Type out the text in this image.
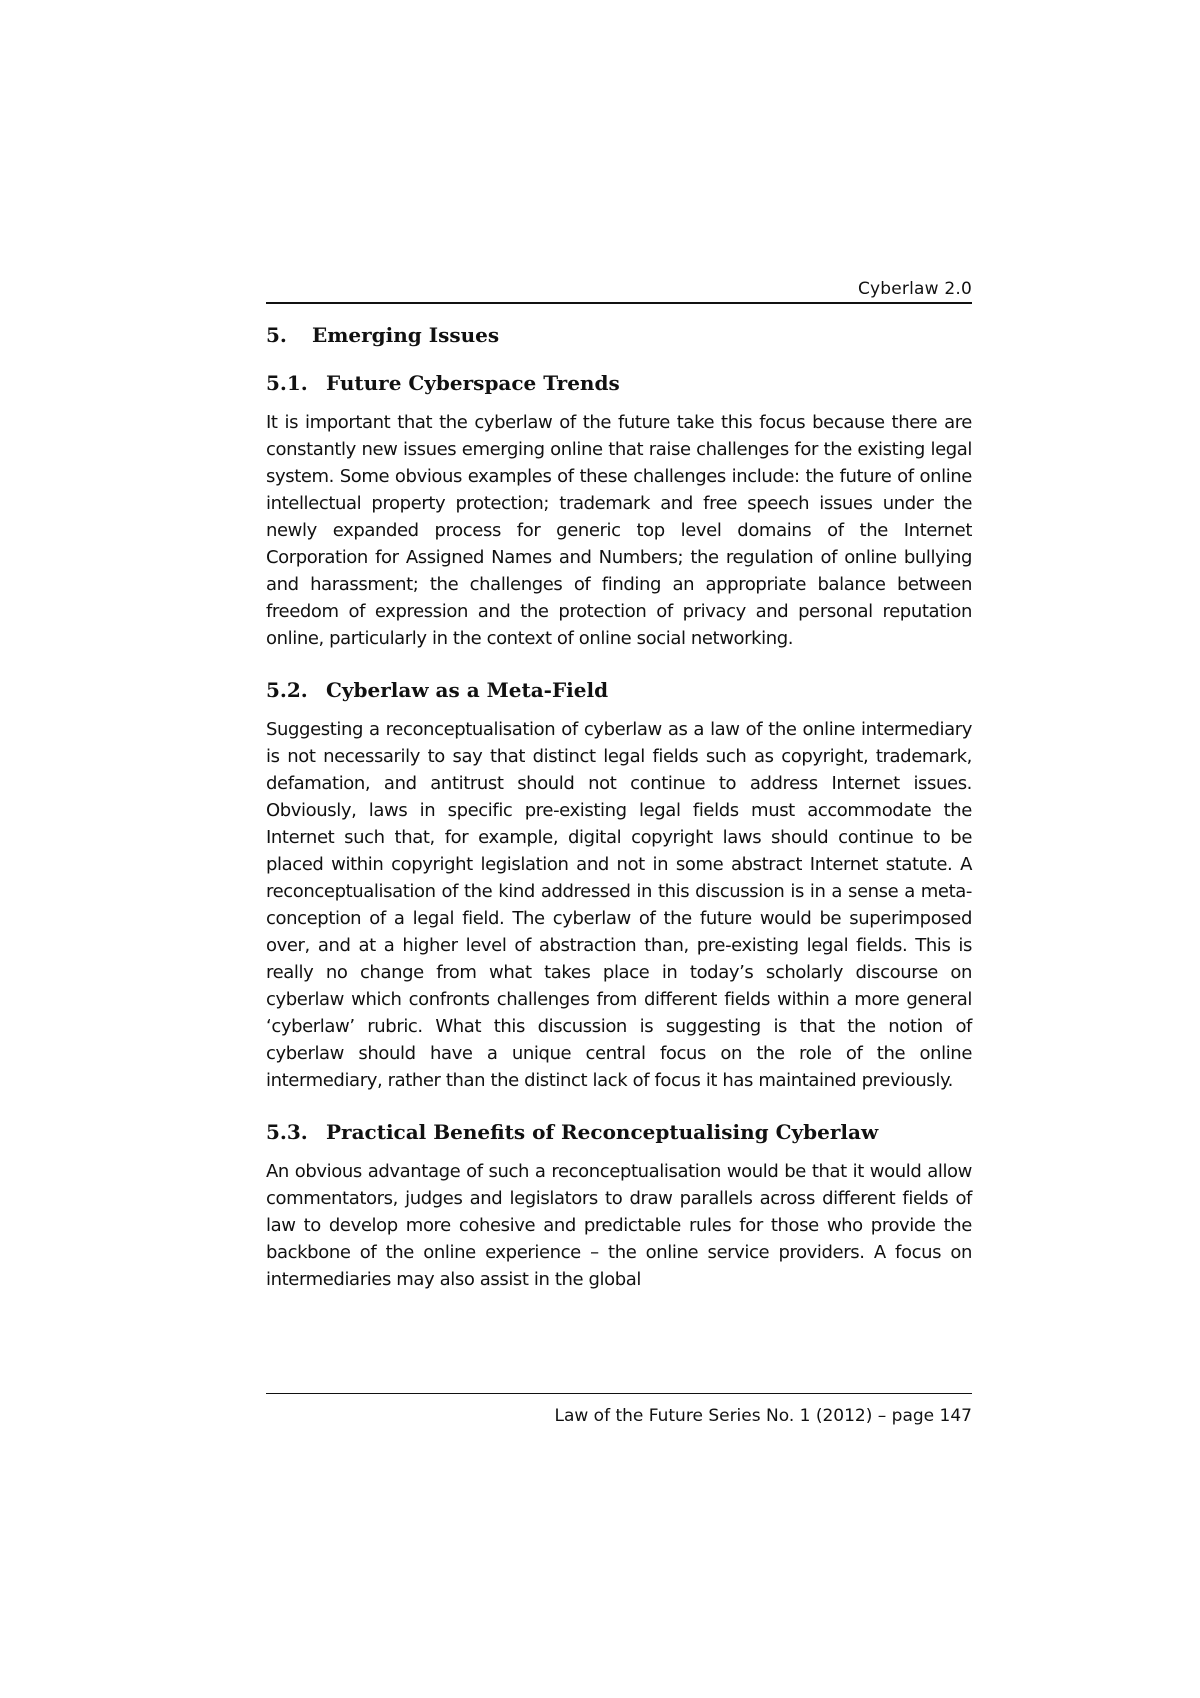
Cyberlaw 2.0
5.	Emerging Issues
5.1. Future Cyberspace Trends

It is important that the cyberlaw of the future take this focus because there are constantly new issues emerging online that raise challenges for the existing legal system. Some obvious examples of these challenges include: the future of online intellectual property protection; trademark and free speech issues under the newly expanded process for generic top level domains of the Internet Corporation for Assigned Names and Numbers; the regulation of online bullying and harassment; the challenges of finding an appropriate balance between freedom of expression and the protection of privacy and personal reputation online, particularly in the context of online social networking.

5.2. Cyberlaw as a Meta-Field

Suggesting a reconceptualisation of cyberlaw as a law of the online intermediary is not necessarily to say that distinct legal fields such as copyright, trademark, defamation, and antitrust should not continue to address Internet issues. Obviously, laws in specific pre-existing legal fields must accommodate the Internet such that, for example, digital copyright laws should continue to be placed within copyright legislation and not in some abstract Internet statute. A reconceptualisation of the kind addressed in this discussion is in a sense a meta-conception of a legal field. The cyberlaw of the future would be superimposed over, and at a higher level of abstraction than, pre-existing legal fields. This is really no change from what takes place in today’s scholarly discourse on cyberlaw which confronts challenges from different fields within a more general ‘cyberlaw’ rubric. What this discussion is suggesting is that the notion of cyberlaw should have a unique central focus on the role of the online intermediary, rather than the distinct lack of focus it has maintained previously.

5.3. Practical Benefits of Reconceptualising Cyberlaw

An obvious advantage of such a reconceptualisation would be that it would allow commentators, judges and legislators to draw parallels across different fields of law to develop more cohesive and predictable rules for those who provide the backbone of the online experience – the online service providers. A focus on intermediaries may also assist in the global

Law of the Future Series No. 1 (2012) – page 147
